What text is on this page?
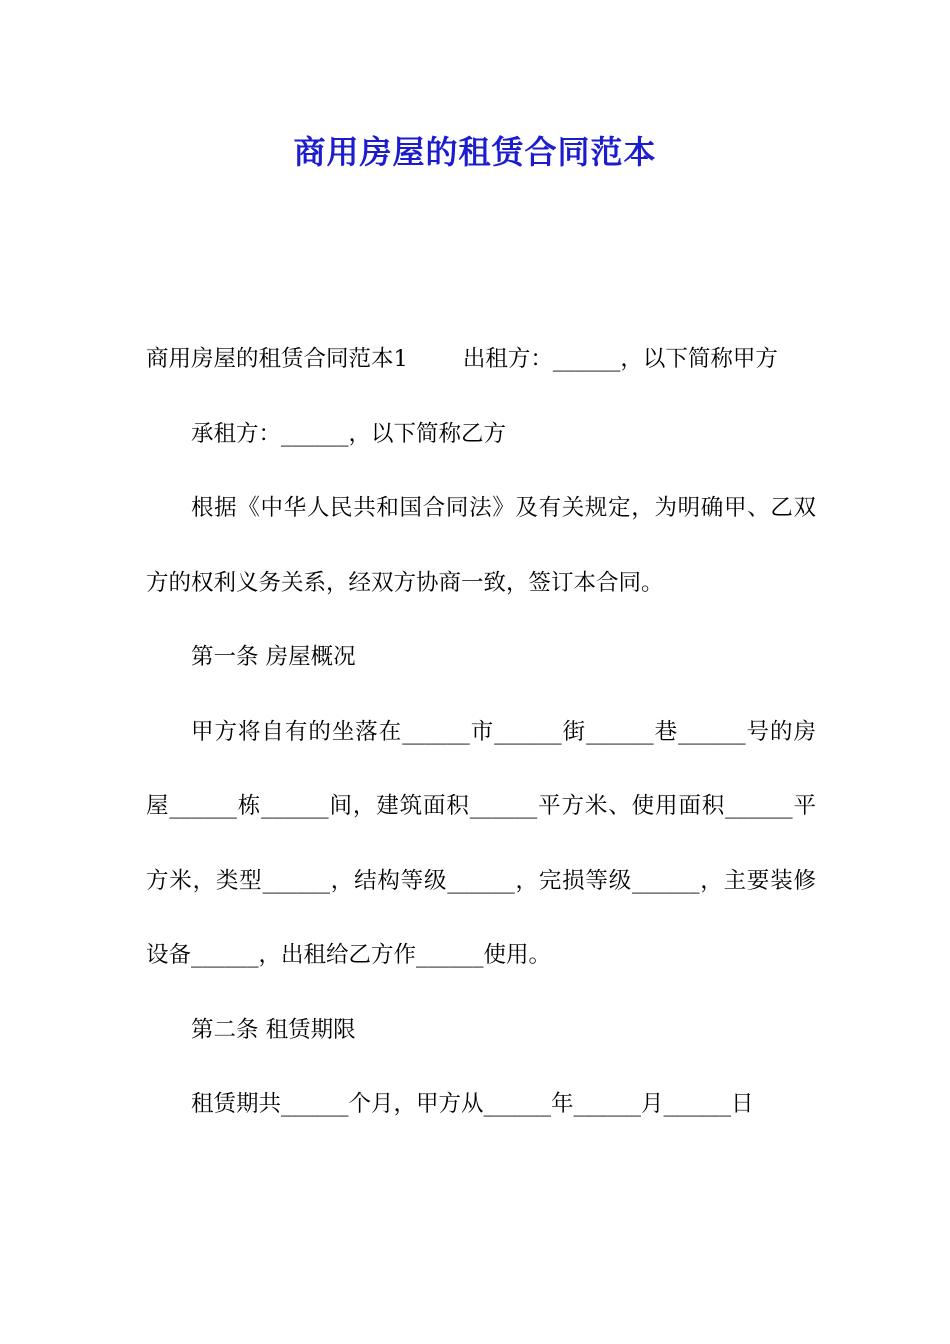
商用房屋的租赁合同范本

商用房屋的租赁合同范本1 出租方：______，以下简称甲方

承租方：______，以下简称乙方

根据《中华人民共和国合同法》及有关规定，为明确甲、乙双方的权利义务关系，经双方协商一致，签订本合同。

第一条 房屋概况

甲方将自有的坐落在______市______街______巷______号的房屋______栋______间，建筑面积______平方米、使用面积______平方米，类型______，结构等级______，完损等级______，主要装修设备______，出租给乙方作______使用。

第二条 租赁期限

租赁期共______个月，甲方从______年______月______日
